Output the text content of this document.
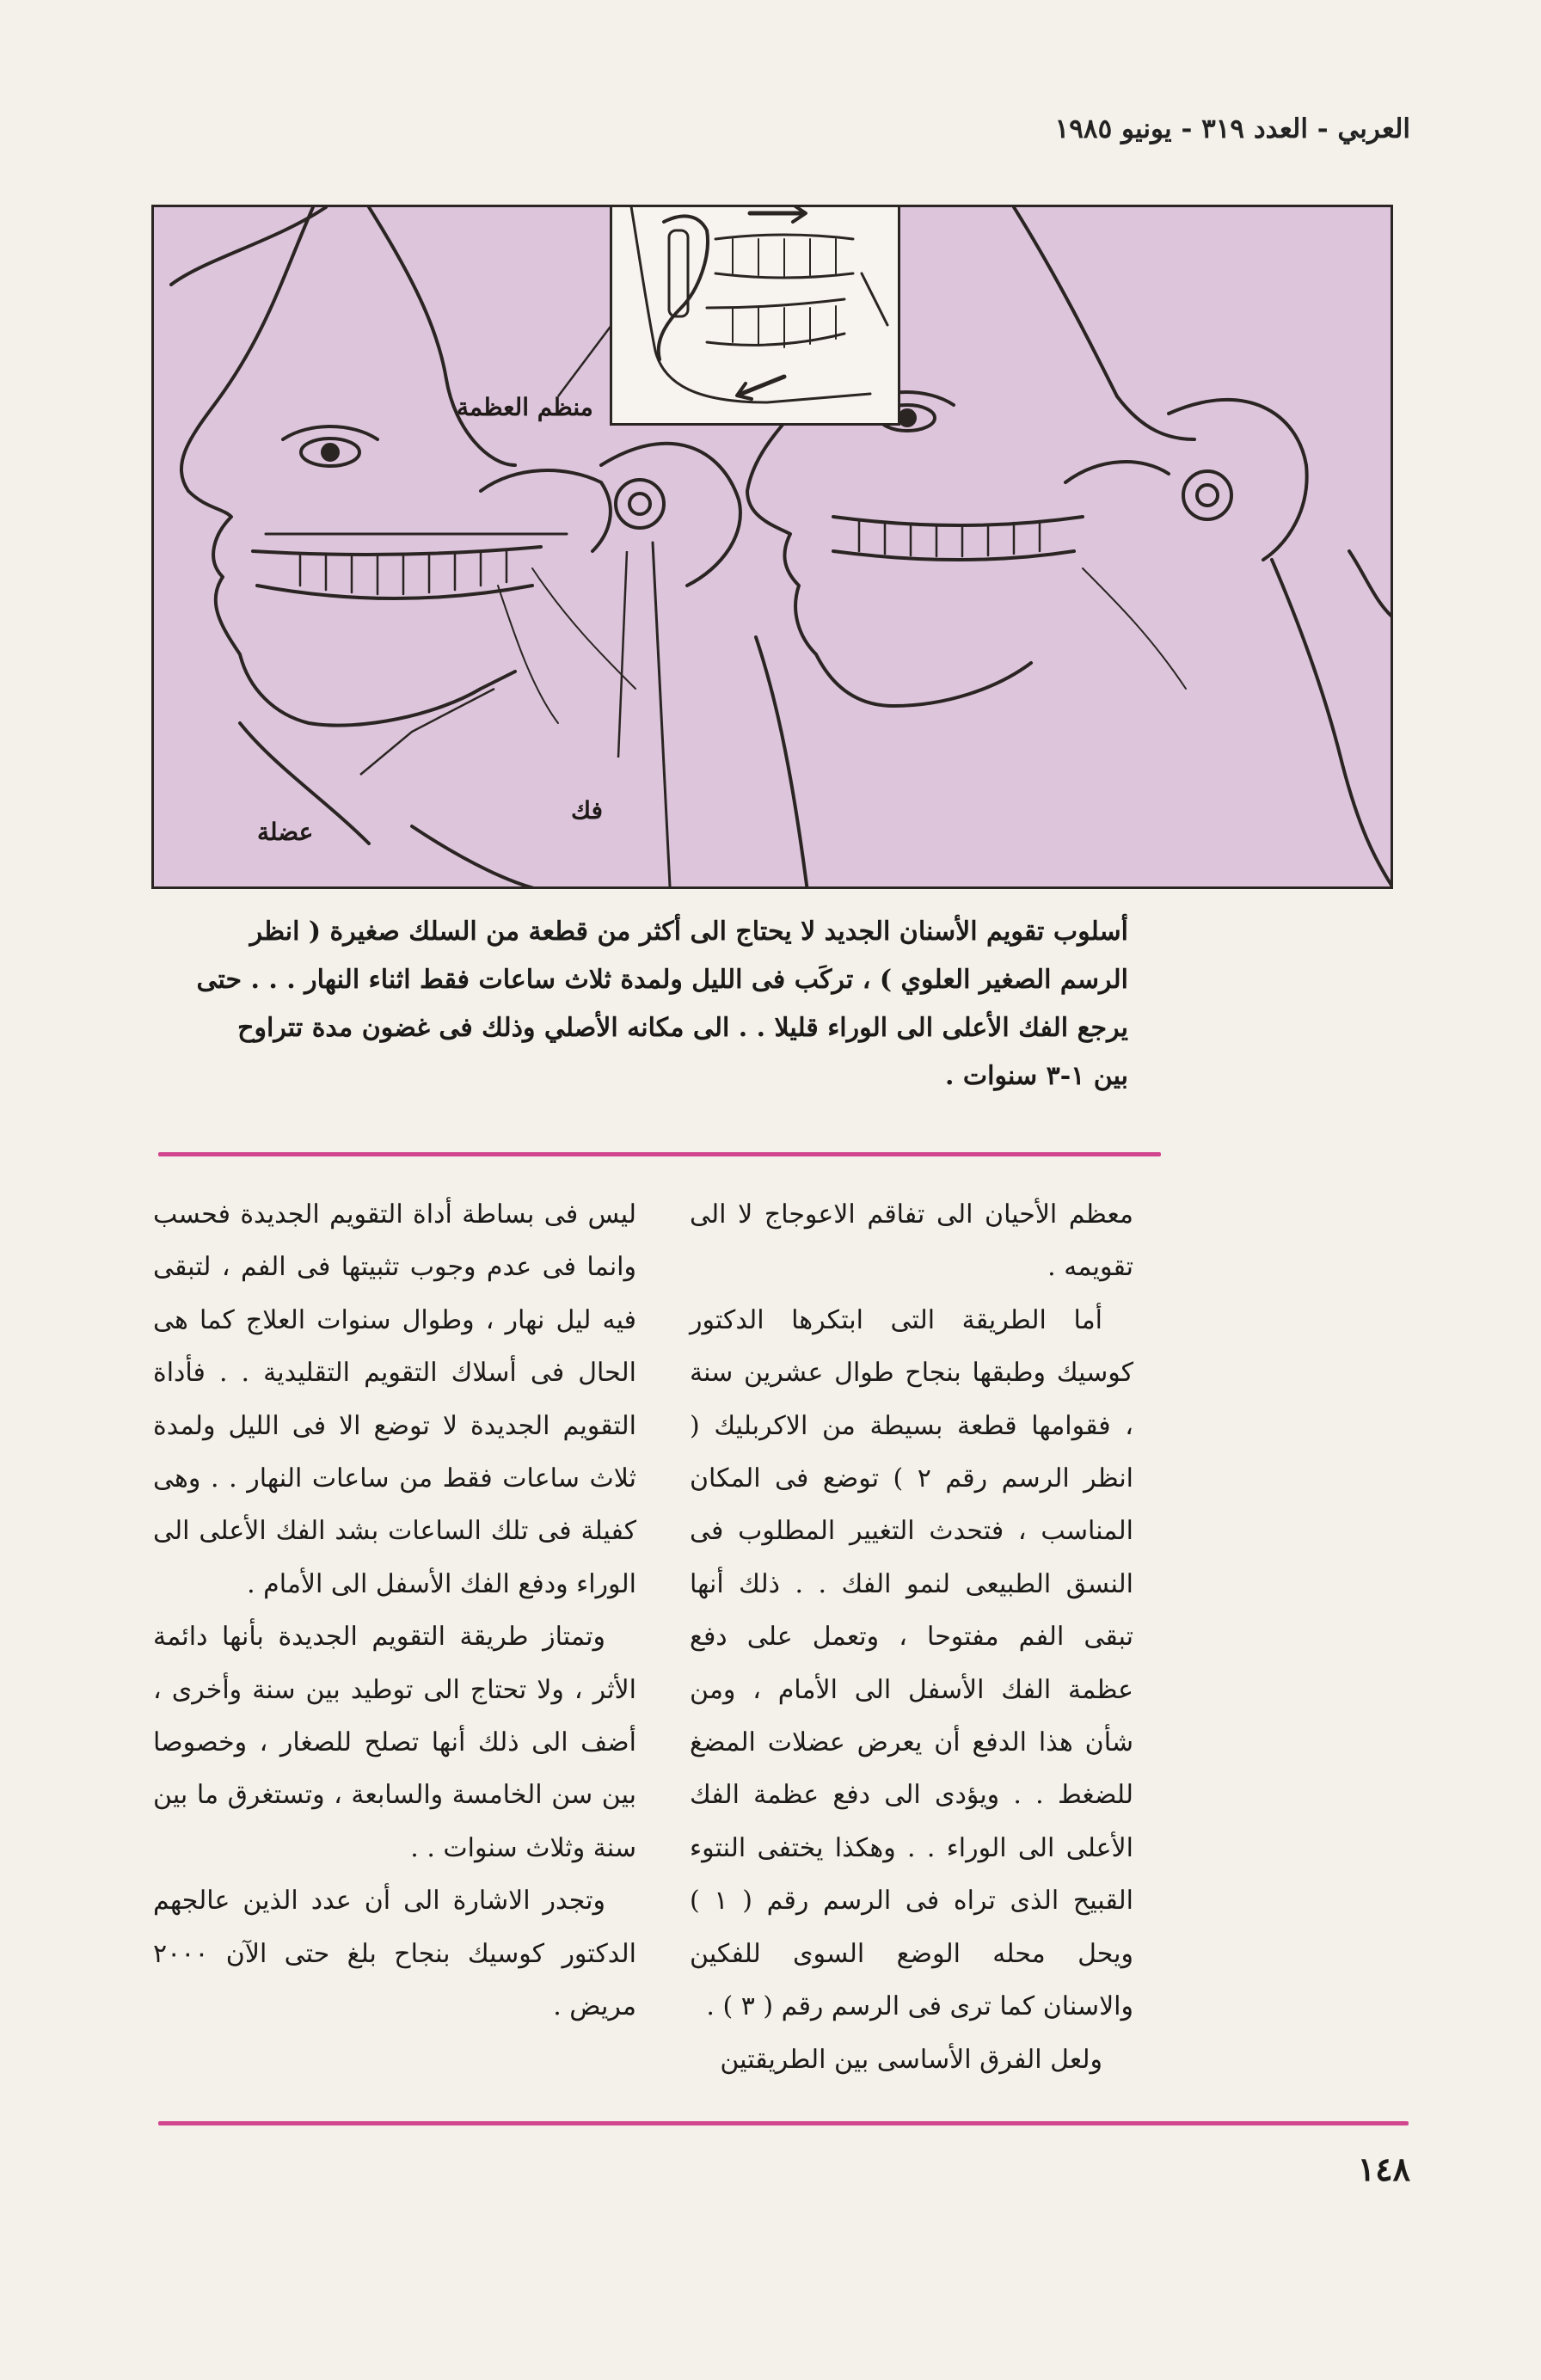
العربي - العدد ٣١٩ - يونيو ١٩٨٥
منظم العظمة
فك
عضلة
أسلوب تقويم الأسنان الجديد لا يحتاج الى أكثر من قطعة من السلك صغيرة ( انظر
الرسم الصغير العلوي ) ، تركَب فى الليل ولمدة ثلاث ساعات فقط اثناء النهار . . . حتى
يرجع الفك الأعلى الى الوراء قليلا . . الى مكانه الأصلي وذلك فى غضون مدة تتراوح
بين ١-٣ سنوات .

معظم الأحيان الى تفاقم الاعوجاج لا الى تقويمه .

أما الطريقة التى ابتكرها الدكتور كوسيك وطبقها بنجاح طوال عشرين سنة ، فقوامها قطعة بسيطة من الاكربليك ( انظر الرسم رقم ٢ ) توضع فى المكان المناسب ، فتحدث التغيير المطلوب فى النسق الطبيعى لنمو الفك . . ذلك أنها تبقى الفم مفتوحا ، وتعمل على دفع عظمة الفك الأسفل الى الأمام ، ومن شأن هذا الدفع أن يعرض عضلات المضغ للضغط . . ويؤدى الى دفع عظمة الفك الأعلى الى الوراء . . وهكذا يختفى النتوء القبيح الذى تراه فى الرسم رقم ( ١ ) ويحل محله الوضع السوى للفكين والاسنان كما ترى فى الرسم رقم ( ٣ ) .

ولعل الفرق الأساسى بين الطريقتين

ليس فى بساطة أداة التقويم الجديدة فحسب وانما فى عدم وجوب تثبيتها فى الفم ، لتبقى فيه ليل نهار ، وطوال سنوات العلاج كما هى الحال فى أسلاك التقويم التقليدية . . فأداة التقويم الجديدة لا توضع الا فى الليل ولمدة ثلاث ساعات فقط من ساعات النهار . . وهى كفيلة فى تلك الساعات بشد الفك الأعلى الى الوراء ودفع الفك الأسفل الى الأمام .

وتمتاز طريقة التقويم الجديدة بأنها دائمة الأثر ، ولا تحتاج الى توطيد بين سنة وأخرى ، أضف الى ذلك أنها تصلح للصغار ، وخصوصا بين سن الخامسة والسابعة ، وتستغرق ما بين سنة وثلاث سنوات . .

وتجدر الاشارة الى أن عدد الذين عالجهم الدكتور كوسيك بنجاح بلغ حتى الآن ٢٠٠٠ مريض .

١٤٨
